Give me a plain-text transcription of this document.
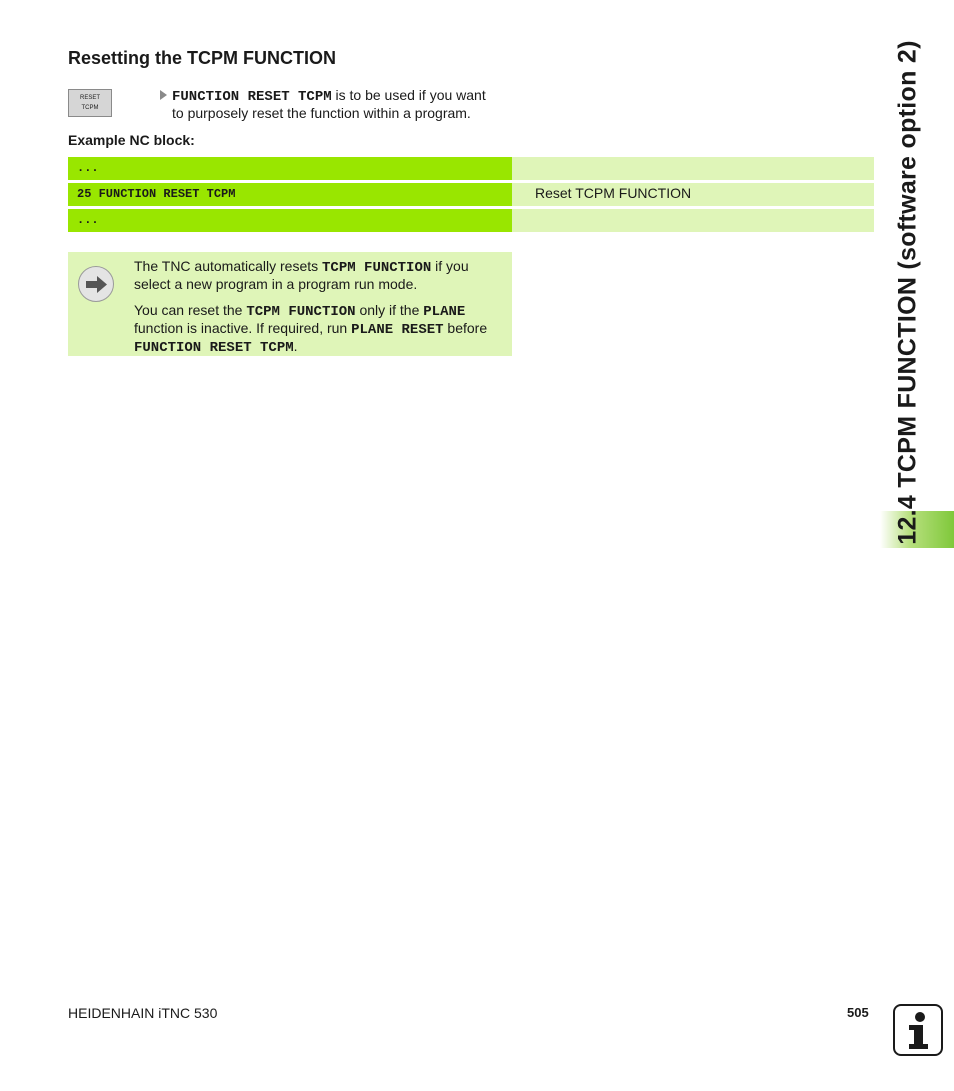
Resetting the TCPM FUNCTION
RESET
TCPM
FUNCTION RESET TCPM is to be used if you want to purposely reset the function within a program.
Example NC block:
...
25 FUNCTION RESET TCPM	Reset TCPM FUNCTION
...

The TNC automatically resets TCPM FUNCTION if you select a new program in a program run mode.

You can reset the TCPM FUNCTION only if the PLANE function is inactive. If required, run PLANE RESET before FUNCTION RESET TCPM.	12.4 TCPM FUNCTION (software option 2)
HEIDENHAIN iTNC 530	505
